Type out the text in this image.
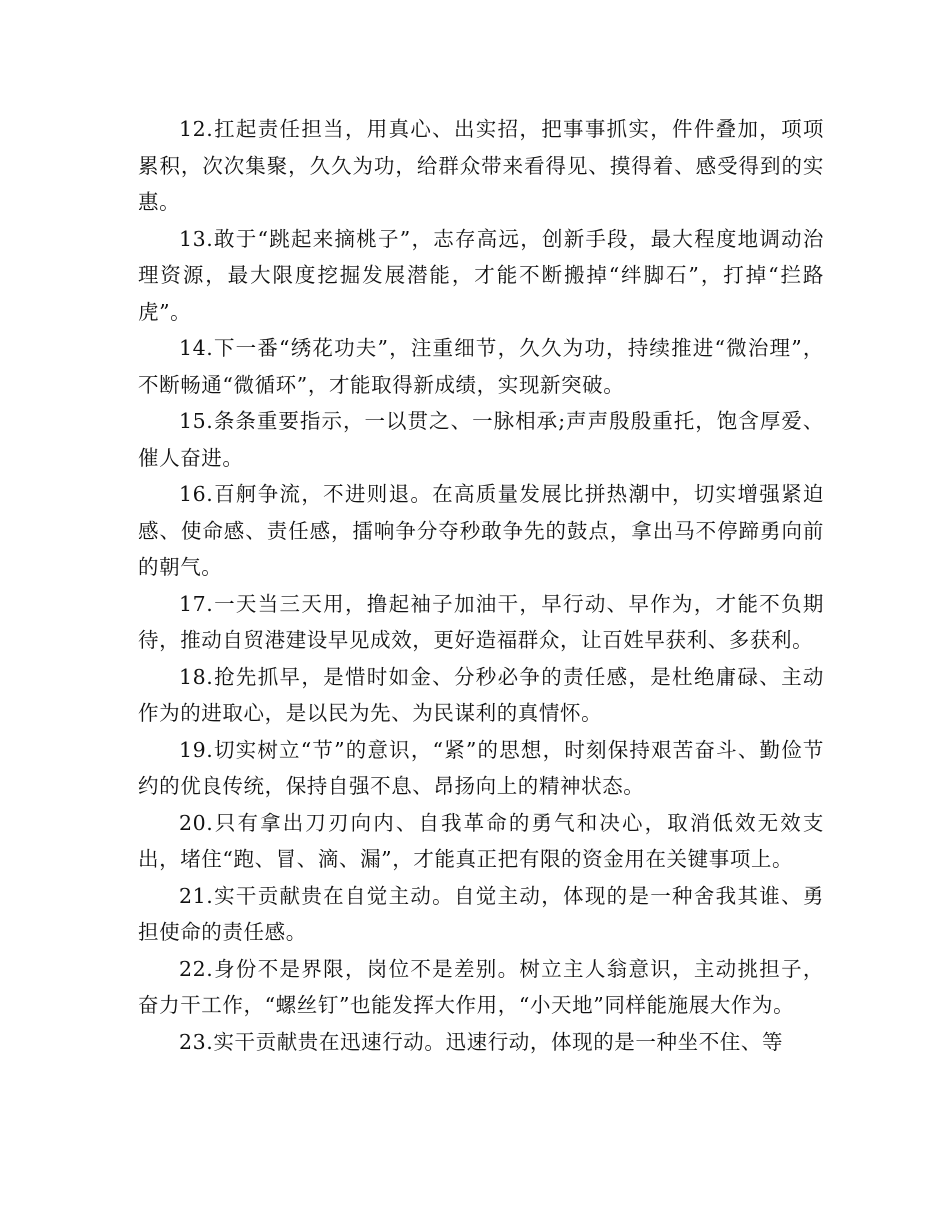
12.扛起责任担当，用真心、出实招，把事事抓实，件件叠加，项项累积，次次集聚，久久为功，给群众带来看得见、摸得着、感受得到的实惠。

13.敢于“跳起来摘桃子”，志存高远，创新手段，最大程度地调动治理资源，最大限度挖掘发展潜能，才能不断搬掉“绊脚石”，打掉“拦路虎”。

14.下一番“绣花功夫”，注重细节，久久为功，持续推进“微治理”，不断畅通“微循环”，才能取得新成绩，实现新突破。

15.条条重要指示，一以贯之、一脉相承;声声殷殷重托，饱含厚爱、催人奋进。

16.百舸争流，不进则退。在高质量发展比拼热潮中，切实增强紧迫感、使命感、责任感，擂响争分夺秒敢争先的鼓点，拿出马不停蹄勇向前的朝气。

17.一天当三天用，撸起袖子加油干，早行动、早作为，才能不负期待，推动自贸港建设早见成效，更好造福群众，让百姓早获利、多获利。

18.抢先抓早，是惜时如金、分秒必争的责任感，是杜绝庸碌、主动作为的进取心，是以民为先、为民谋利的真情怀。

19.切实树立“节”的意识，“紧”的思想，时刻保持艰苦奋斗、勤俭节约的优良传统，保持自强不息、昂扬向上的精神状态。

20.只有拿出刀刃向内、自我革命的勇气和决心，取消低效无效支出，堵住“跑、冒、滴、漏”，才能真正把有限的资金用在关键事项上。

21.实干贡献贵在自觉主动。自觉主动，体现的是一种舍我其谁、勇担使命的责任感。

22.身份不是界限，岗位不是差别。树立主人翁意识，主动挑担子，奋力干工作，“螺丝钉”也能发挥大作用，“小天地”同样能施展大作为。

23.实干贡献贵在迅速行动。迅速行动，体现的是一种坐不住、等
